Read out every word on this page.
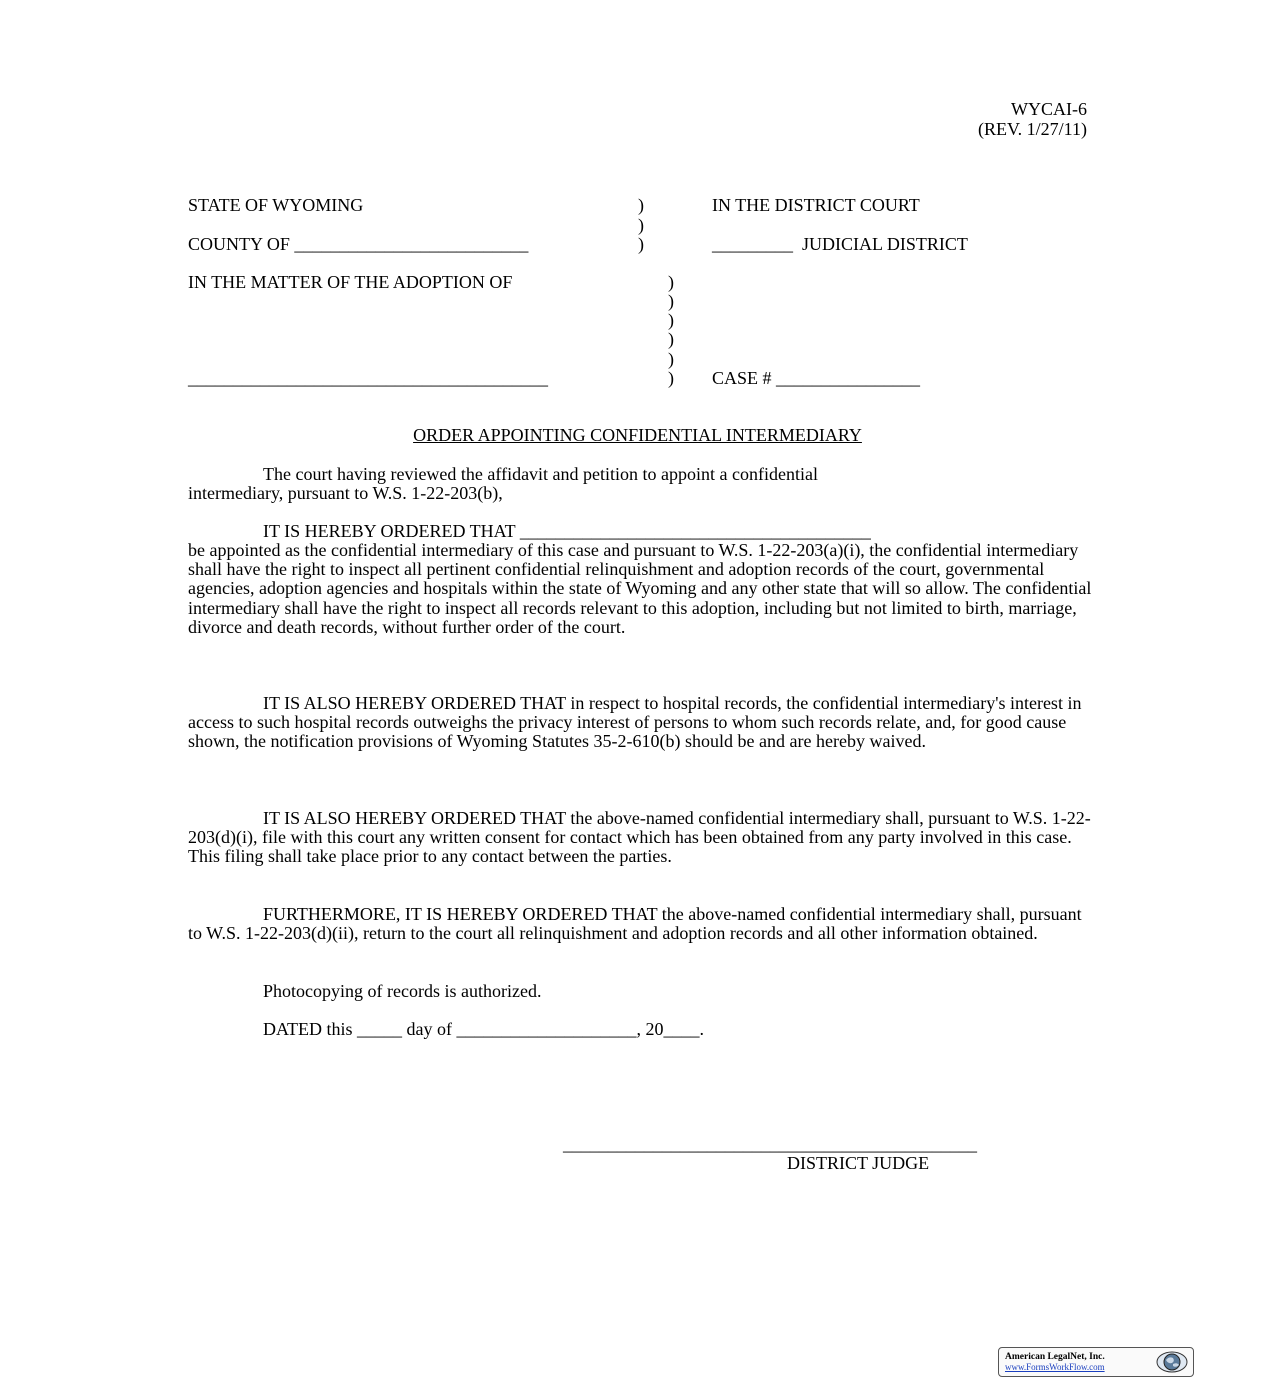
WYCAI-6
(REV. 1/27/11)
STATE OF WYOMING
COUNTY OF __________________________
IN THE MATTER OF THE ADOPTION OF
________________________________________
)
)
)
)
)
)
)
)
)
IN THE DISTRICT COURT
_________  JUDICIAL DISTRICT
CASE # ________________
ORDER APPOINTING CONFIDENTIAL INTERMEDIARY
The court having reviewed the affidavit and petition to appoint a confidential
intermediary, pursuant to W.S. 1-22-203(b),
IT IS HEREBY ORDERED THAT _______________________________________
be appointed as the confidential intermediary of this case and pursuant to W.S. 1-22-203(a)(i), the confidential intermediary shall have the right to inspect all pertinent confidential relinquishment and adoption records of the court, governmental agencies, adoption agencies and hospitals within the state of Wyoming and any other state that will so allow. The confidential intermediary shall have the right to inspect all records relevant to this adoption, including but not limited to birth, marriage, divorce and death records, without further order of the court.
IT IS ALSO HEREBY ORDERED THAT in respect to hospital records, the confidential intermediary's interest in access to such hospital records outweighs the privacy interest of persons to whom such records relate, and, for good cause shown, the notification provisions of Wyoming Statutes 35-2-610(b) should be and are hereby waived.
IT IS ALSO HEREBY ORDERED THAT the above-named confidential intermediary shall, pursuant to W.S. 1-22-203(d)(i), file with this court any written consent for contact which has been obtained from any party involved in this case. This filing shall take place prior to any contact between the parties.
FURTHERMORE, IT IS HEREBY ORDERED THAT the above-named confidential intermediary shall, pursuant to W.S. 1-22-203(d)(ii), return to the court all relinquishment and adoption records and all other information obtained.
Photocopying of records is authorized.
DATED this _____ day of ____________________, 20____.
______________________________________________
DISTRICT JUDGE
American LegalNet, Inc.
www.FormsWorkFlow.com
